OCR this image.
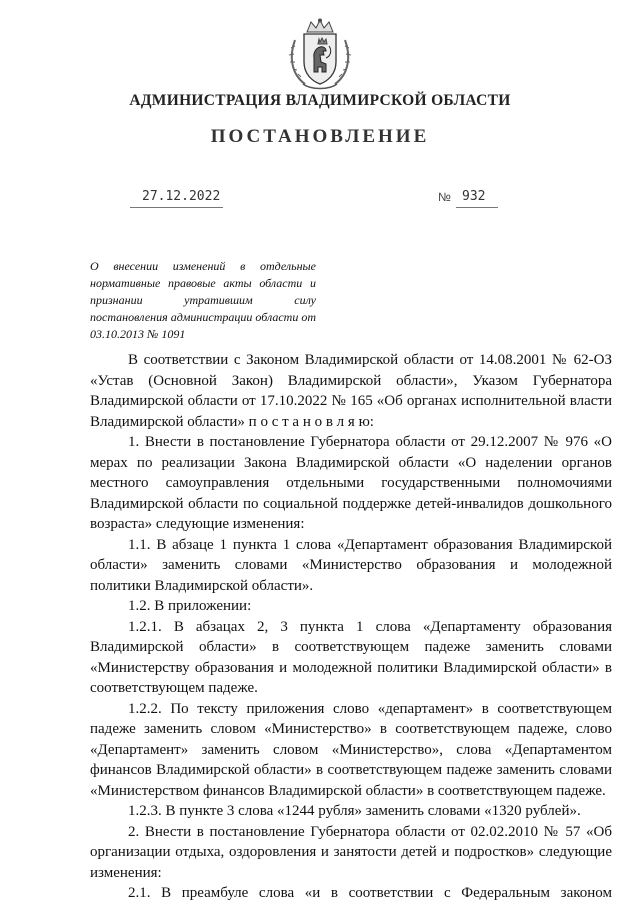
АДМИНИСТРАЦИЯ ВЛАДИМИРСКОЙ ОБЛАСТИ
ПОСТАНОВЛЕНИЕ
27.12.2022	№ 932
О внесении изменений в отдельные нормативные правовые акты области и признании утратившим силу постановления администрации области от 03.10.2013 № 1091

В соответствии с Законом Владимирской области от 14.08.2001 № 62-ОЗ «Устав (Основной Закон) Владимирской области», Указом Губернатора Владимирской области от 17.10.2022 № 165 «Об органах исполнительной власти Владимирской области» п о с т а н о в л я ю:

1. Внести в постановление Губернатора области от 29.12.2007 № 976 «О мерах по реализации Закона Владимирской области «О наделении органов местного самоуправления отдельными государственными полномочиями Владимирской области по социальной поддержке детей-инвалидов дошкольного возраста» следующие изменения:

1.1. В абзаце 1 пункта 1 слова «Департамент образования Владимирской области» заменить словами «Министерство образования и молодежной политики Владимирской области».

1.2. В приложении:

1.2.1. В абзацах 2, 3 пункта 1 слова «Департаменту образования Владимирской области» в соответствующем падеже заменить словами «Министерству образования и молодежной политики Владимирской области» в соответствующем падеже.

1.2.2. По тексту приложения слово «департамент» в соответствующем падеже заменить словом «Министерство» в соответствующем падеже, слово «Департамент» заменить словом «Министерство», слова «Департаментом финансов Владимирской области» в соответствующем падеже заменить словами «Министерством финансов Владимирской области» в соответствующем падеже.

1.2.3. В пункте 3 слова «1244 рубля» заменить словами «1320 рублей».

2. Внести в постановление Губернатора области от 02.02.2010 № 57 «Об организации отдыха, оздоровления и занятости детей и подростков» следующие изменения:

2.1. В преамбуле слова «и в соответствии с Федеральным законом
